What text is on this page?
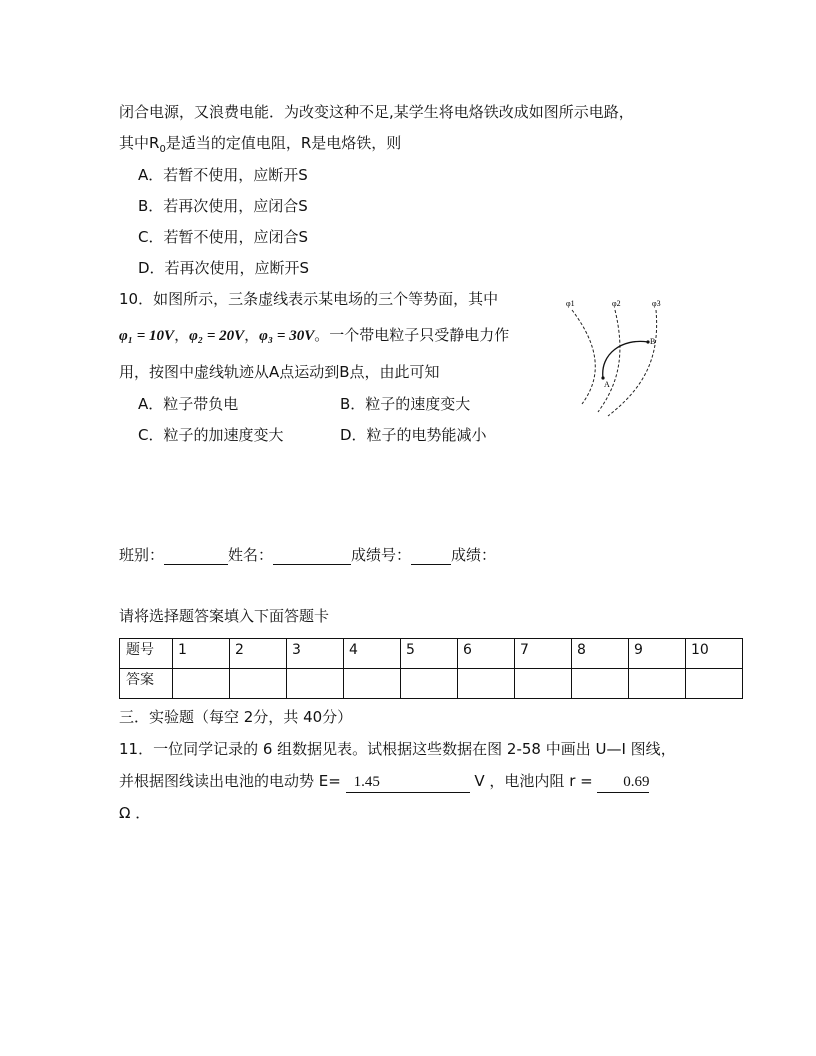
闭合电源，又浪费电能．为改变这种不足,某学生将电烙铁改成如图所示电路，
其中$R_0$是适当的定值电阻，R是电烙铁，则
A．若暂不使用，应断开S
B．若再次使用，应闭合S
C．若暂不使用，应闭合S
D．若再次使用，应断开S
10．如图所示，三条虚线表示某电场的三个等势面，其中
φ₁ = 10V，φ₂ = 20V，φ₃ = 30V。一个带电粒子只受静电力作
用，按图中虚线轨迹从A点运动到B点，由此可知
A．粒子带负电	B．粒子的速度变大
C．粒子的加速度变大	D．粒子的电势能减小
φ1	φ2	φ3
A
B
班别：	姓名：	成绩号：	成绩：
请将选择题答案填入下面答题卡
题号	1	2	3	4	5	6	7	8	9	10
答案										
三．实验题（每空 2分，共 40分）
11．一位同学记录的 6 组数据见表。试根据这些数据在图 2-58 中画出 U—I 图线，
并根据图线读出电池的电动势 E= 1.45	V ，电池内阻 r = 0.69
Ω ．
